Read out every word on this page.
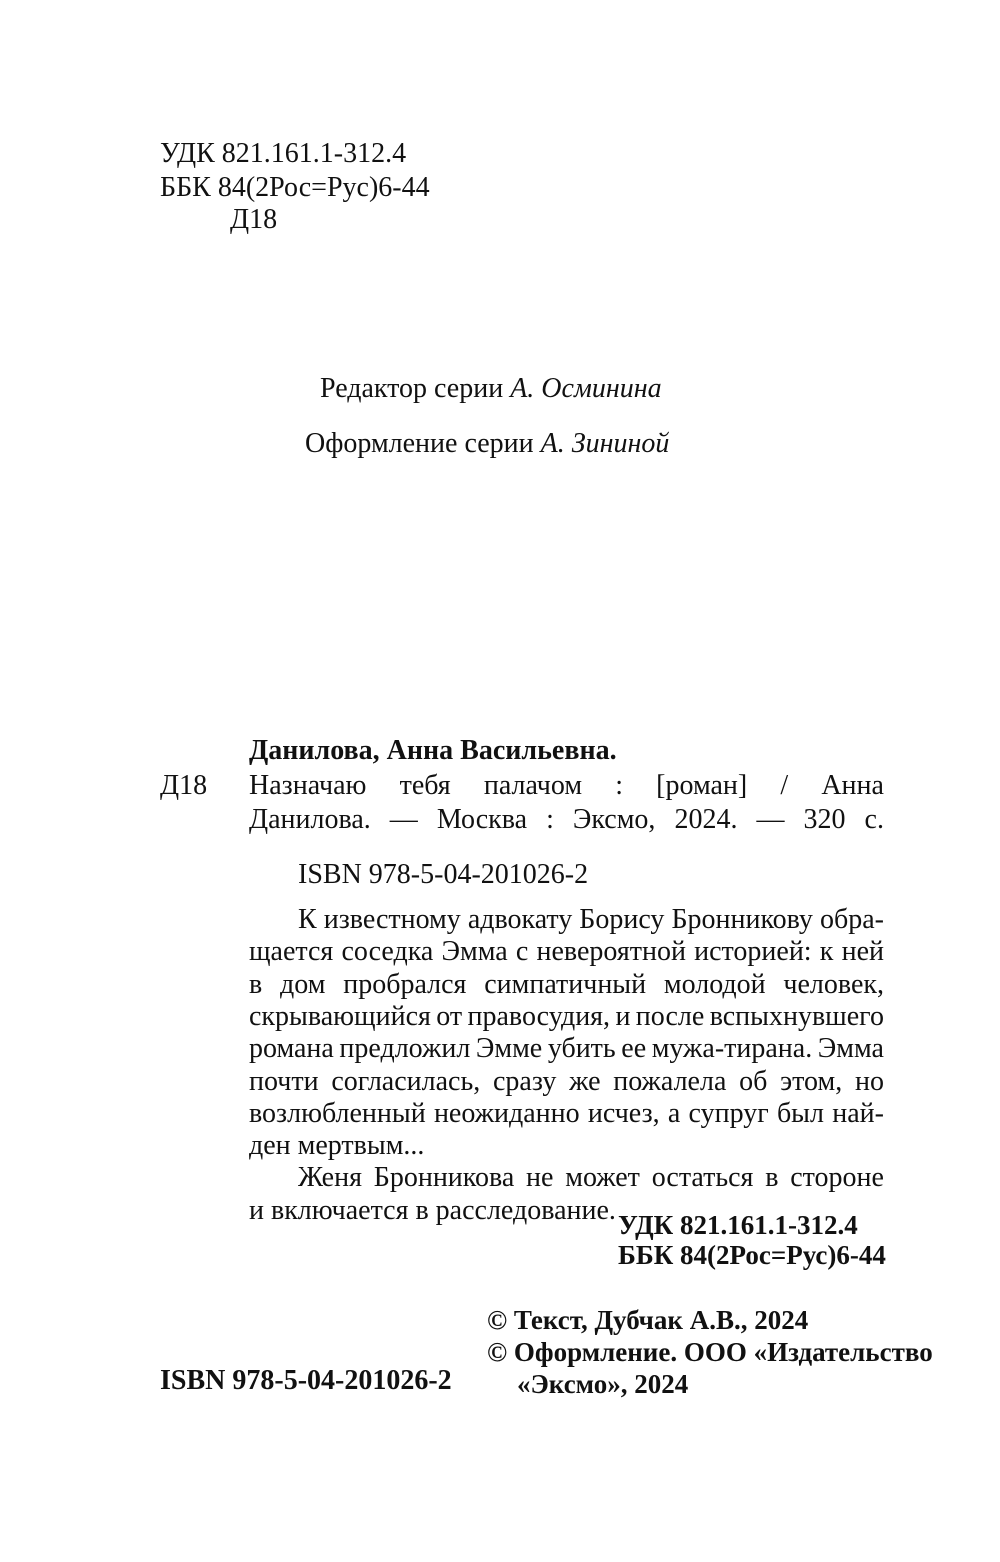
УДК 821.161.1-312.4
ББК 84(2Рос=Рус)6-44
Д18
Редактор серии А. Осминина
Оформление серии А. Зининой
Данилова, Анна Васильевна.
Д18 Назначаю тебя палачом : [роман] / Анна
Данилова. — Москва : Эксмо, 2024. — 320 с.
ISBN 978-5-04-201026-2
К известному адвокату Борису Бронникову обра-
щается соседка Эмма с невероятной историей: к ней
в дом пробрался симпатичный молодой человек,
скрывающийся от правосудия, и после вспыхнувшего
романа предложил Эмме убить ее мужа-тирана. Эмма
почти согласилась, сразу же пожалела об этом, но
возлюбленный неожиданно исчез, а супруг был най-
ден мертвым...
Женя Бронникова не может остаться в стороне
и включается в расследование. УДК 821.161.1-312.4
ББК 84(2Рос=Рус)6-44
© Текст, Дубчак А.В., 2024
© Оформление. ООО «Издательство
«Эксмо», 2024
ISBN 978-5-04-201026-2
